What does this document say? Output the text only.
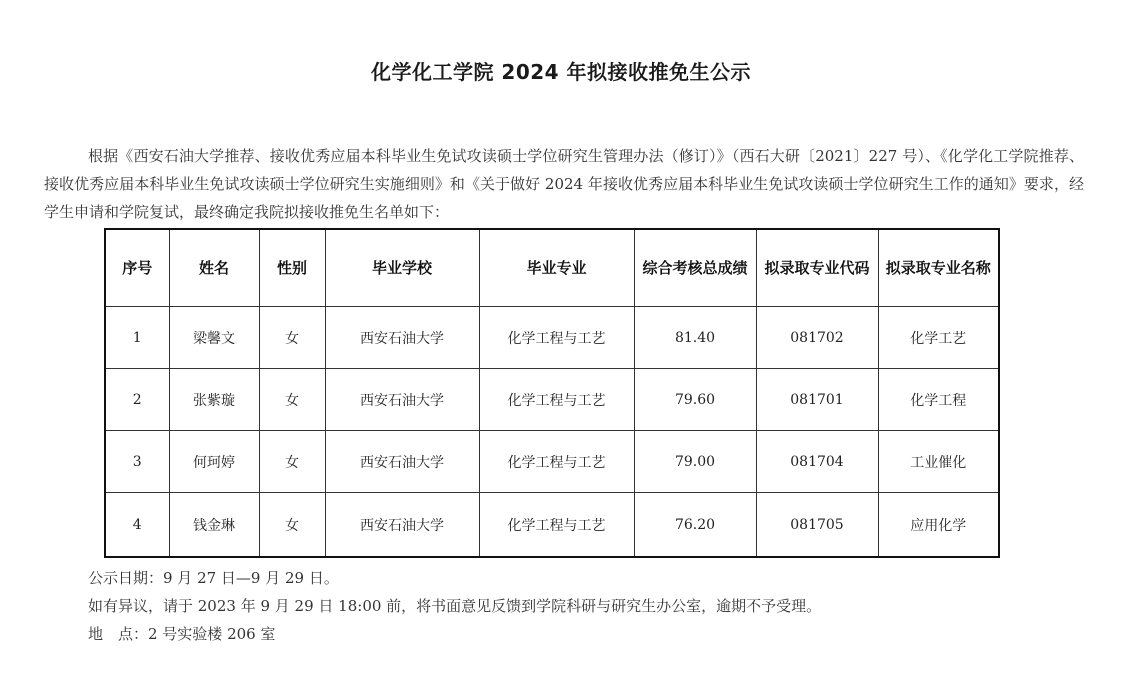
化学化工学院 2024 年拟接收推免生公示

根据《西安石油大学推荐、接收优秀应届本科毕业生免试攻读硕士学位研究生管理办法（修订）》（西石大研〔2021〕227 号）、《化学化工学院推荐、接收优秀应届本科毕业生免试攻读硕士学位研究生实施细则》和《关于做好 2024 年接收优秀应届本科毕业生免试攻读硕士学位研究生工作的通知》要求，经学生申请和学院复试，最终确定我院拟接收推免生名单如下：

序号	姓名	性别	毕业学校	毕业专业	综合考核总成绩	拟录取专业代码	拟录取专业名称
1	梁馨文	女	西安石油大学	化学工程与工艺	81.40	081702	化学工艺
2	张紫璇	女	西安石油大学	化学工程与工艺	79.60	081701	化学工程
3	何珂婷	女	西安石油大学	化学工程与工艺	79.00	081704	工业催化
4	钱金琳	女	西安石油大学	化学工程与工艺	76.20	081705	应用化学
公示日期：9 月 27 日—9 月 29 日。
如有异议，请于 2023 年 9 月 29 日 18:00 前，将书面意见反馈到学院科研与研究生办公室，逾期不予受理。
地　点：2 号实验楼 206 室
